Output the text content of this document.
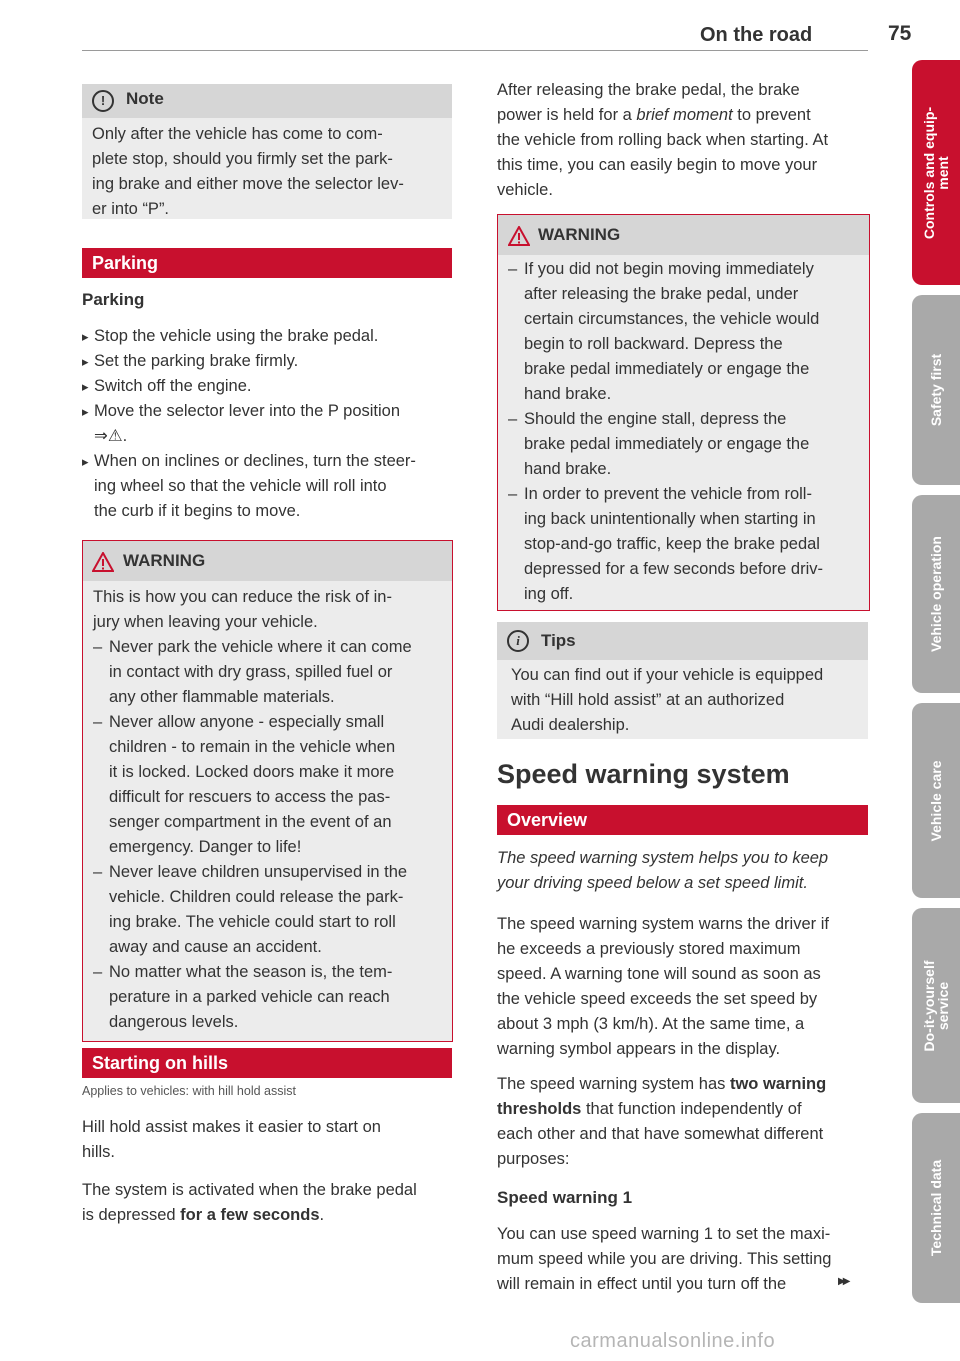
On the road	75
Controls and equip-
ment
Safety first
Vehicle operation
Vehicle care
Do-it-yourself
service
Technical data
!	Note
Only after the vehicle has come to com-
plete stop, should you firmly set the park-
ing brake and either move the selector lev-
er into “P”.
Parking
Parking
▸ Stop the vehicle using the brake pedal.
▸ Set the parking brake firmly.
▸ Switch off the engine.
▸ Move the selector lever into the P position
⇒⚠.
▸ When on inclines or declines, turn the steer-
ing wheel so that the vehicle will roll into
the curb if it begins to move.
WARNING
This is how you can reduce the risk of in-
jury when leaving your vehicle.
– Never park the vehicle where it can come
in contact with dry grass, spilled fuel or
any other flammable materials.
– Never allow anyone - especially small
children - to remain in the vehicle when
it is locked. Locked doors make it more
difficult for rescuers to access the pas-
senger compartment in the event of an
emergency. Danger to life!
– Never leave children unsupervised in the
vehicle. Children could release the park-
ing brake. The vehicle could start to roll
away and cause an accident.
– No matter what the season is, the tem-
perature in a parked vehicle can reach
dangerous levels.
Starting on hills
Applies to vehicles: with hill hold assist
Hill hold assist makes it easier to start on
hills.
The system is activated when the brake pedal
is depressed for a few seconds.
After releasing the brake pedal, the brake
power is held for a brief moment to prevent
the vehicle from rolling back when starting. At
this time, you can easily begin to move your
vehicle.
WARNING
– If you did not begin moving immediately
after releasing the brake pedal, under
certain circumstances, the vehicle would
begin to roll backward. Depress the
brake pedal immediately or engage the
hand brake.
– Should the engine stall, depress the
brake pedal immediately or engage the
hand brake.
– In order to prevent the vehicle from roll-
ing back unintentionally when starting in
stop-and-go traffic, keep the brake pedal
depressed for a few seconds before driv-
ing off.
i	Tips
You can find out if your vehicle is equipped
with “Hill hold assist” at an authorized
Audi dealership.
Speed warning system
Overview
The speed warning system helps you to keep
your driving speed below a set speed limit.
The speed warning system warns the driver if
he exceeds a previously stored maximum
speed. A warning tone will sound as soon as
the vehicle speed exceeds the set speed by
about 3 mph (3 km/h). At the same time, a
warning symbol appears in the display.
The speed warning system has two warning
thresholds that function independently of
each other and that have somewhat different
purposes:
Speed warning 1
You can use speed warning 1 to set the maxi-
mum speed while you are driving. This setting
will remain in effect until you turn off the	▶▶
carmanualsonline.info
